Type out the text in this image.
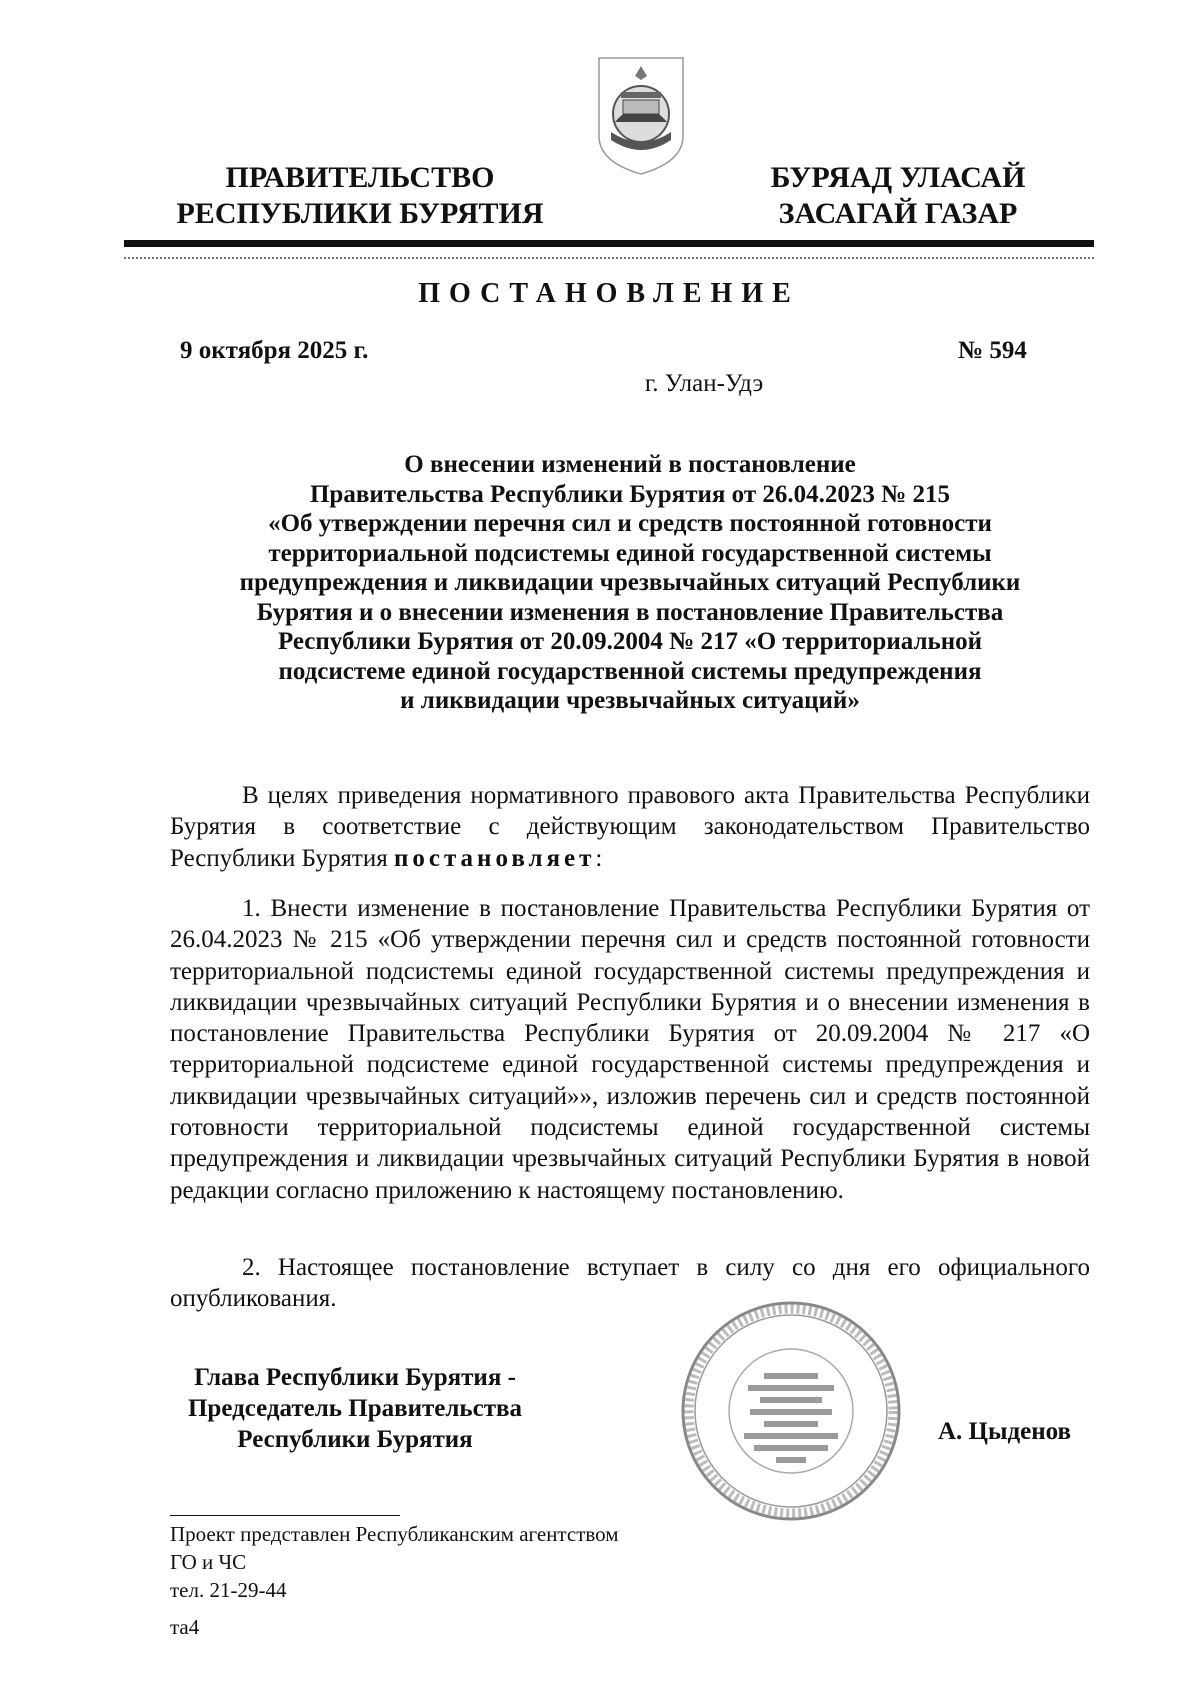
ПРАВИТЕЛЬСТВО
РЕСПУБЛИКИ БУРЯТИЯ
БУРЯАД УЛАСАЙ
ЗАСАГАЙ ГАЗАР
ПОСТАНОВЛЕНИЕ
9 октября 2025 г.	№ 594
г. Улан-Удэ
О внесении изменений в постановление
Правительства Республики Бурятия от 26.04.2023 № 215
«Об утверждении перечня сил и средств постоянной готовности
территориальной подсистемы единой государственной системы
предупреждения и ликвидации чрезвычайных ситуаций Республики
Бурятия и о внесении изменения в постановление Правительства
Республики Бурятия от 20.09.2004 № 217 «О территориальной
подсистеме единой государственной системы предупреждения
и ликвидации чрезвычайных ситуаций»
В целях приведения нормативного правового акта Правительства Республики Бурятия в соответствие с действующим законодательством Правительство Республики Бурятия постановляет:
1. Внести изменение в постановление Правительства Республики Бурятия от 26.04.2023 № 215 «Об утверждении перечня сил и средств постоянной готовности территориальной подсистемы единой государственной системы предупреждения и ликвидации чрезвычайных ситуаций Республики Бурятия и о внесении изменения в постановление Правительства Республики Бурятия от 20.09.2004 № 217 «О территориальной подсистеме единой государственной системы предупреждения и ликвидации чрезвычайных ситуаций»», изложив перечень сил и средств постоянной готовности территориальной подсистемы единой государственной системы предупреждения и ликвидации чрезвычайных ситуаций Республики Бурятия в новой редакции согласно приложению к настоящему постановлению.
2. Настоящее постановление вступает в силу со дня его официального опубликования.
Глава Республики Бурятия -
Председатель Правительства
Республики Бурятия	А. Цыденов
Проект представлен Республиканским агентством
ГО и ЧС
тел. 21-29-44
та4
